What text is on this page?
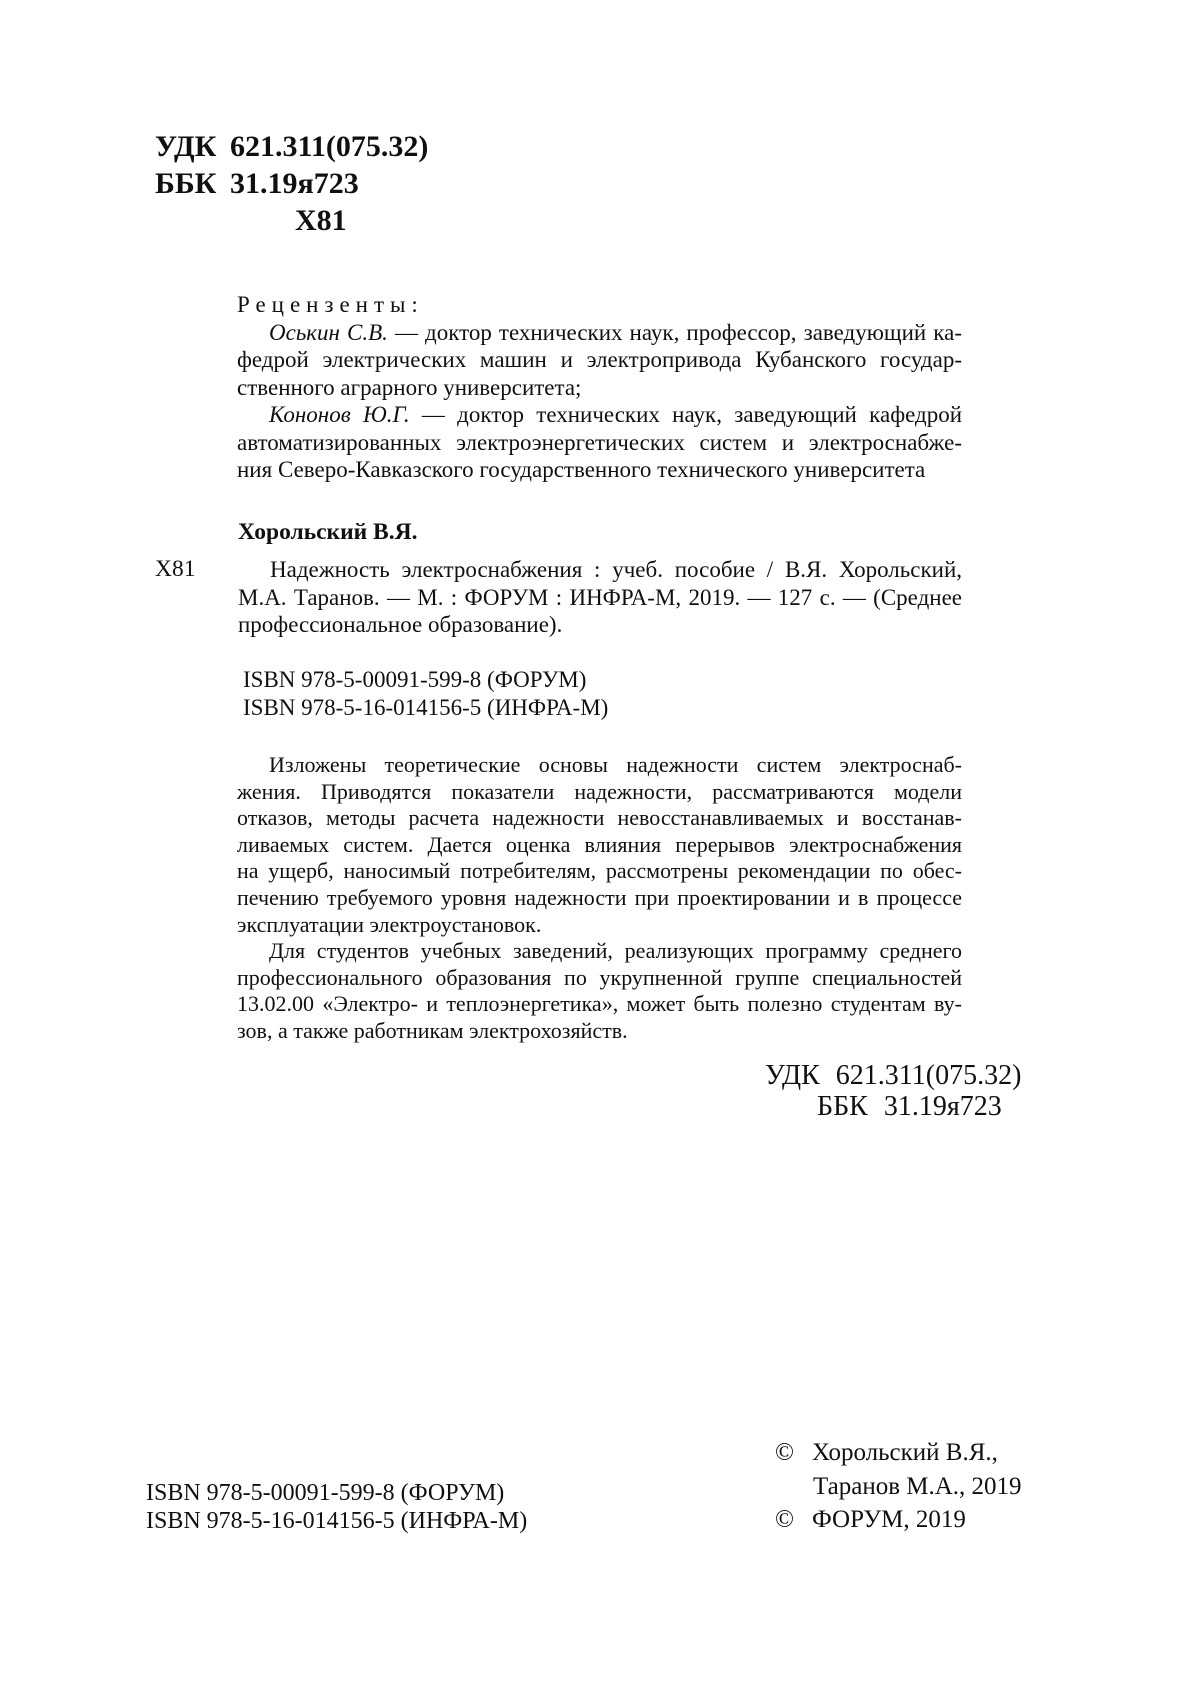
УДК 621.311(075.32)
ББК 31.19я723
Х81
Рецензенты:
Оськин С.В. — доктор технических наук, профессор, заведующий ка-
федрой электрических машин и электропривода Кубанского государ-
ственного аграрного университета;
Кононов Ю.Г. — доктор технических наук, заведующий кафедрой
автоматизированных электроэнергетических систем и электроснабже-
ния Северо-Кавказского государственного технического университета
Хорольский В.Я.
Х81	Надежность электроснабжения : учеб. пособие / В.Я. Хорольский,
М.А. Таранов. — М. : ФОРУМ : ИНФРА-М, 2019. — 127 с. — (Среднее
профессиональное образование).
ISBN 978-5-00091-599-8 (ФОРУМ)
ISBN 978-5-16-014156-5 (ИНФРА-М)
Изложены теоретические основы надежности систем электроснаб-
жения. Приводятся показатели надежности, рассматриваются модели
отказов, методы расчета надежности невосстанавливаемых и восстанав-
ливаемых систем. Дается оценка влияния перерывов электроснабжения
на ущерб, наносимый потребителям, рассмотрены рекомендации по обес-
печению требуемого уровня надежности при проектировании и в процессе
эксплуатации электроустановок.
Для студентов учебных заведений, реализующих программу среднего
профессионального образования по укрупненной группе специальностей
13.02.00 «Электро- и теплоэнергетика», может быть полезно студентам ву-
зов, а также работникам электрохозяйств.
УДК 621.311(075.32)
ББК 31.19я723
ISBN 978-5-00091-599-8 (ФОРУМ)
ISBN 978-5-16-014156-5 (ИНФРА-М)
© Хорольский В.Я.,
Таранов М.А., 2019
© ФОРУМ, 2019
